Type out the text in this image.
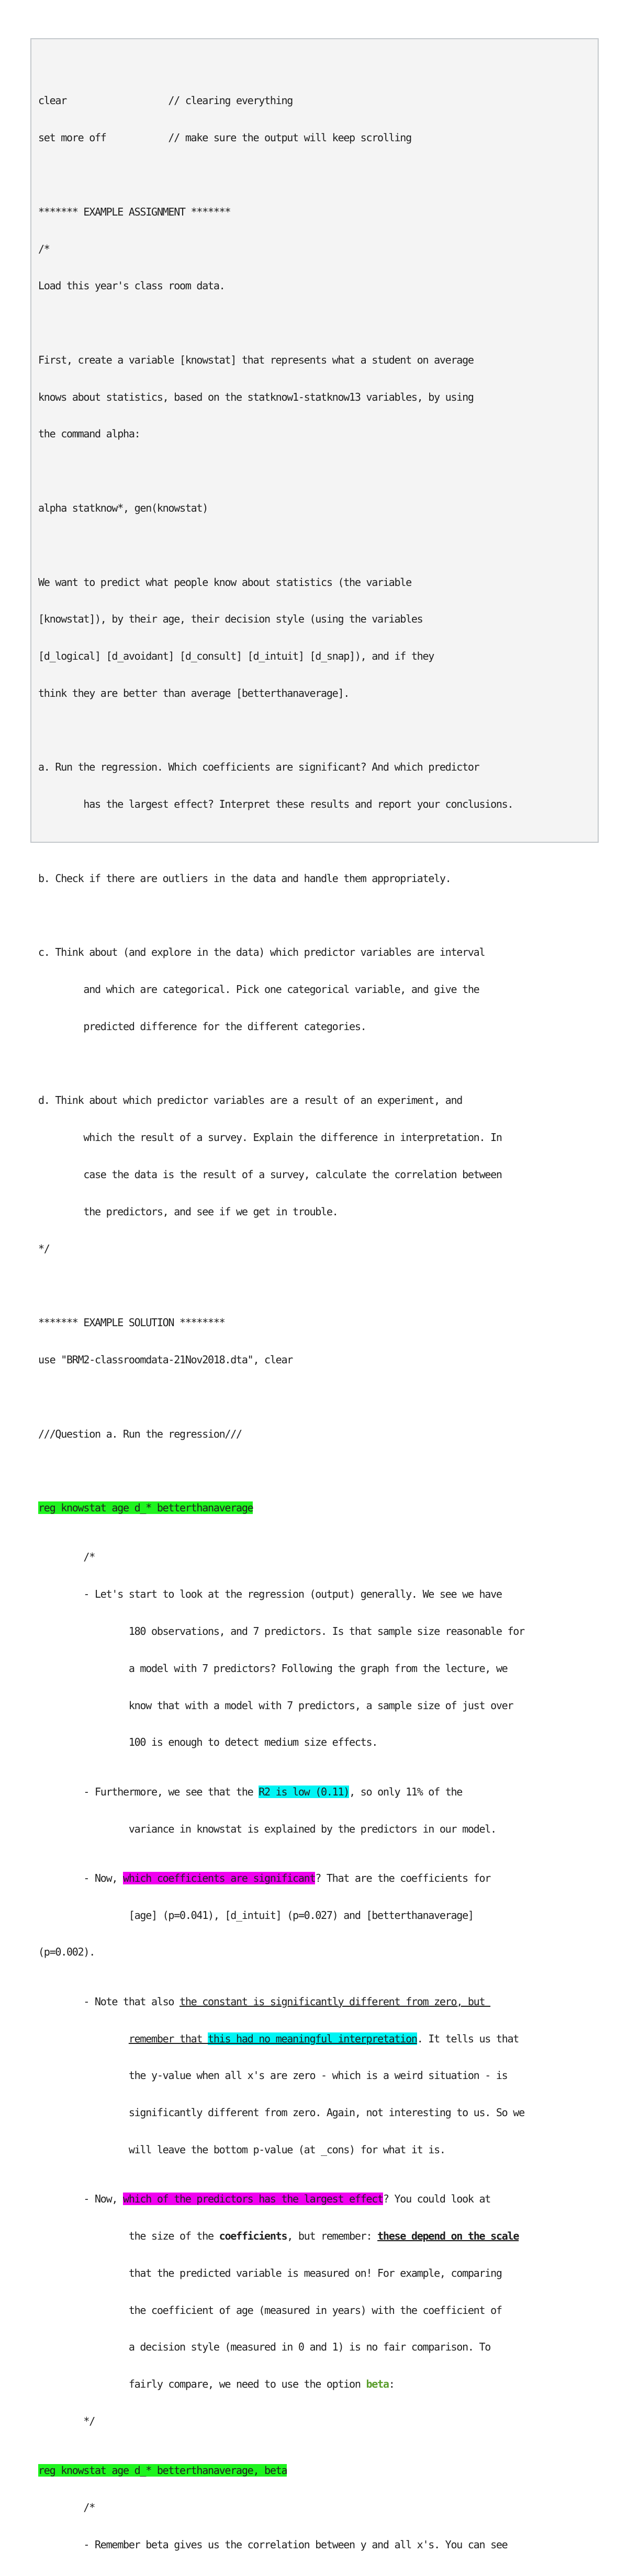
clear                  // clearing everything

set more off           // make sure the output will keep scrolling

******* EXAMPLE ASSIGNMENT *******

/*

Load this year's class room data.

First, create a variable [knowstat] that represents what a student on average

knows about statistics, based on the statknow1-statknow13 variables, by using

the command alpha:

alpha statknow*, gen(knowstat)

We want to predict what people know about statistics (the variable

[knowstat]), by their age, their decision style (using the variables

[d_logical] [d_avoidant] [d_consult] [d_intuit] [d_snap]), and if they

think they are better than average [betterthanaverage].

a. Run the regression. Which coefficients are significant? And which predictor

has the largest effect? Interpret these results and report your conclusions.

b. Check if there are outliers in the data and handle them appropriately.

c. Think about (and explore in the data) which predictor variables are interval

and which are categorical. Pick one categorical variable, and give the

predicted difference for the different categories.

d. Think about which predictor variables are a result of an experiment, and

which the result of a survey. Explain the difference in interpretation. In

case the data is the result of a survey, calculate the correlation between

the predictors, and see if we get in trouble.

*/

******* EXAMPLE SOLUTION ********

use "BRM2-classroomdata-21Nov2018.dta", clear

///Question a. Run the regression///

reg knowstat age d_* betterthanaverage

/*

- Let's start to look at the regression (output) generally. We see we have

180 observations, and 7 predictors. Is that sample size reasonable for

a model with 7 predictors? Following the graph from the lecture, we

know that with a model with 7 predictors, a sample size of just over

100 is enough to detect medium size effects.

- Furthermore, we see that the R2 is low (0.11), so only 11% of the

variance in knowstat is explained by the predictors in our model.

- Now, which coefficients are significant? That are the coefficients for

[age] (p=0.041), [d_intuit] (p=0.027) and [betterthanaverage]

(p=0.002).

- Note that also the constant is significantly different from zero, but

remember that this had no meaningful interpretation. It tells us that

the y-value when all x's are zero - which is a weird situation - is

significantly different from zero. Again, not interesting to us. So we

will leave the bottom p-value (at _cons) for what it is.

- Now, which of the predictors has the largest effect? You could look at

the size of the coefficients, but remember: these depend on the scale

that the predicted variable is measured on! For example, comparing

the coefficient of age (measured in years) with the coefficient of

a decision style (measured in 0 and 1) is no fair comparison. To

fairly compare, we need to use the option beta:

*/

reg knowstat age d_* betterthanaverage, beta

/*

- Remember beta gives us the correlation between y and all x's. You can see
